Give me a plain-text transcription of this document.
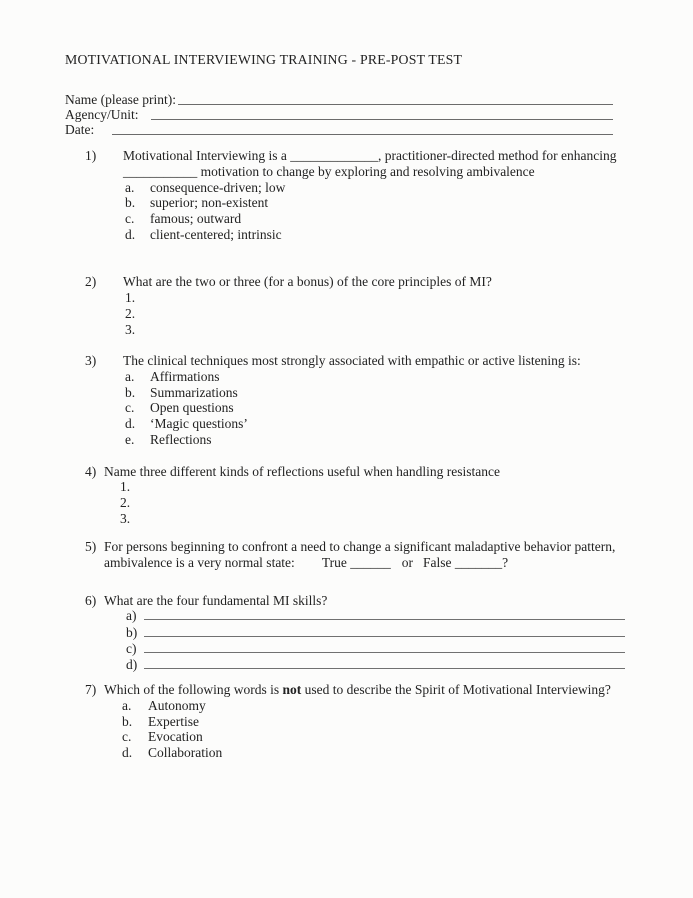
MOTIVATIONAL INTERVIEWING TRAINING - PRE-POST TEST
Name (please print):
Agency/Unit:
Date:
1)	Motivational Interviewing is a _____________, practitioner-directed method for enhancing
___________ motivation to change by exploring and resolving ambivalence
a.	consequence-driven; low
b.	superior; non-existent
c.	famous; outward
d.	client-centered; intrinsic
2)	What are the two or three (for a bonus) of the core principles of MI?
1.
2.
3.
3)	The clinical techniques most strongly associated with empathic or active listening is:
a.	Affirmations
b.	Summarizations
c.	Open questions
d.	‘Magic questions’
e.	Reflections
4) Name three different kinds of reflections useful when handling resistance
1.
2.
3.
5) For persons beginning to confront a need to change a significant maladaptive behavior pattern,
ambivalence is a very normal state: True ______ or False _______?
6) What are the four fundamental MI skills?
a)
b)
c)
d)
7) Which of the following words is not used to describe the Spirit of Motivational Interviewing?
a.	Autonomy
b.	Expertise
c.	Evocation
d.	Collaboration
